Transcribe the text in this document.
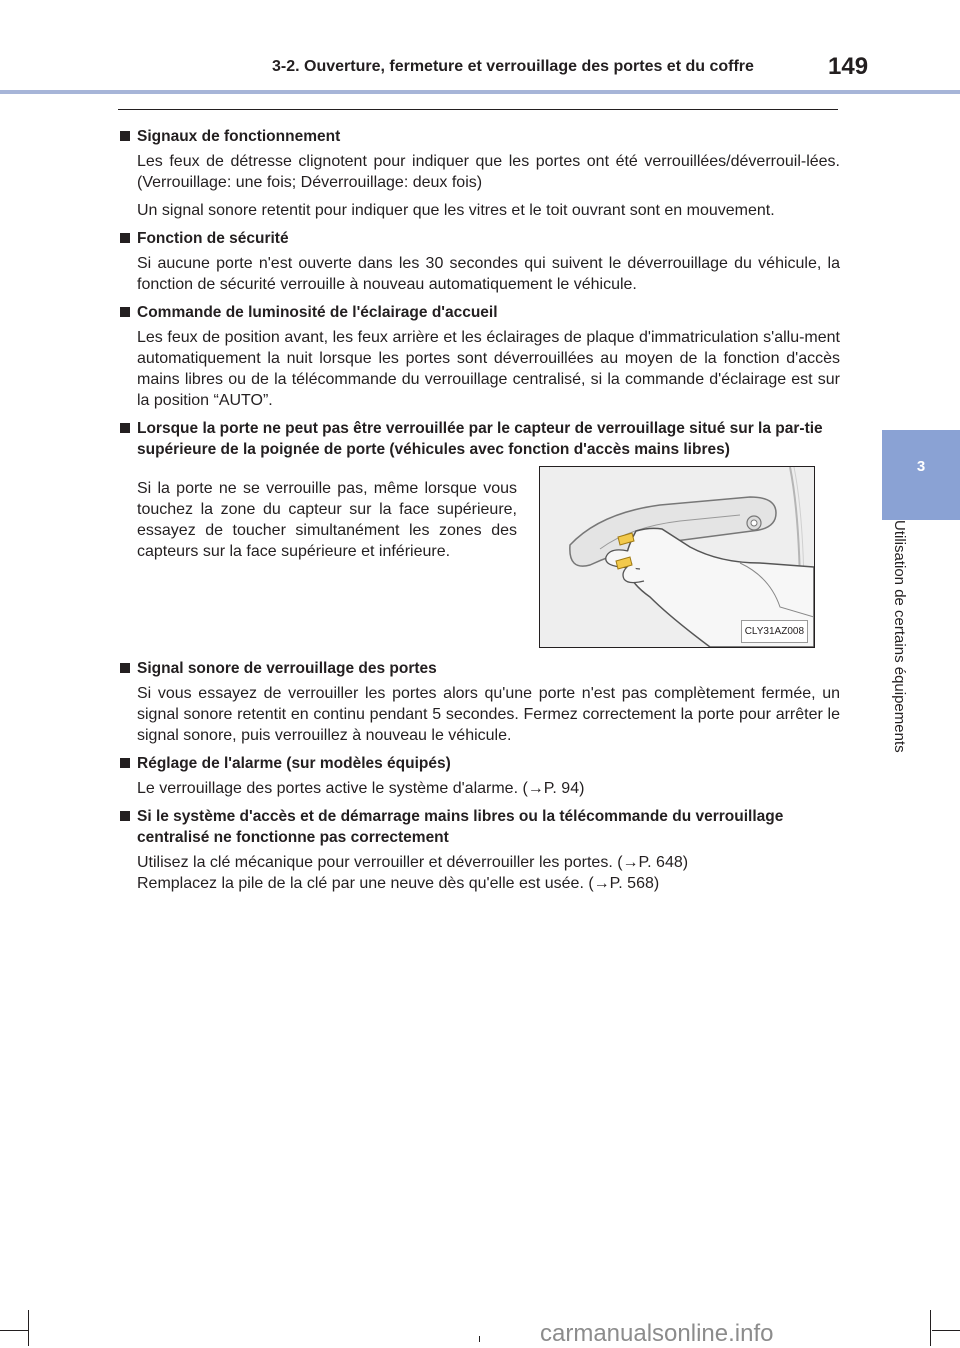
3-2. Ouverture, fermeture et verrouillage des portes et du coffre	149
3
Utilisation de certains équipements
Signaux de fonctionnement
Les feux de détresse clignotent pour indiquer que les portes ont été verrouillées/déverrouil-lées. (Verrouillage: une fois; Déverrouillage: deux fois)
Un signal sonore retentit pour indiquer que les vitres et le toit ouvrant sont en mouvement.
Fonction de sécurité
Si aucune porte n'est ouverte dans les 30 secondes qui suivent le déverrouillage du véhicule, la fonction de sécurité verrouille à nouveau automatiquement le véhicule.
Commande de luminosité de l'éclairage d'accueil
Les feux de position avant, les feux arrière et les éclairages de plaque d'immatriculation s'allu-ment automatiquement la nuit lorsque les portes sont déverrouillées au moyen de la fonction d'accès mains libres ou de la télécommande du verrouillage centralisé, si la commande d'éclairage est sur la position “AUTO”.
Lorsque la porte ne peut pas être verrouillée par le capteur de verrouillage situé sur la par-tie supérieure de la poignée de porte (véhicules avec fonction d'accès mains libres)
Si la porte ne se verrouille pas, même lorsque vous touchez la zone du capteur sur la face supérieure, essayez de toucher simultanément les zones des capteurs sur la face supérieure et inférieure.
CLY31AZ008
Signal sonore de verrouillage des portes
Si vous essayez de verrouiller les portes alors qu'une porte n'est pas complètement fermée, un signal sonore retentit en continu pendant 5 secondes. Fermez correctement la porte pour arrêter le signal sonore, puis verrouillez à nouveau le véhicule.
Réglage de l'alarme (sur modèles équipés)
Le verrouillage des portes active le système d'alarme. (→P. 94)
Si le système d'accès et de démarrage mains libres ou la télécommande du verrouillage centralisé ne fonctionne pas correctement
Utilisez la clé mécanique pour verrouiller et déverrouiller les portes. (→P. 648)
Remplacez la pile de la clé par une neuve dès qu'elle est usée. (→P. 568)
carmanualsonline.info
